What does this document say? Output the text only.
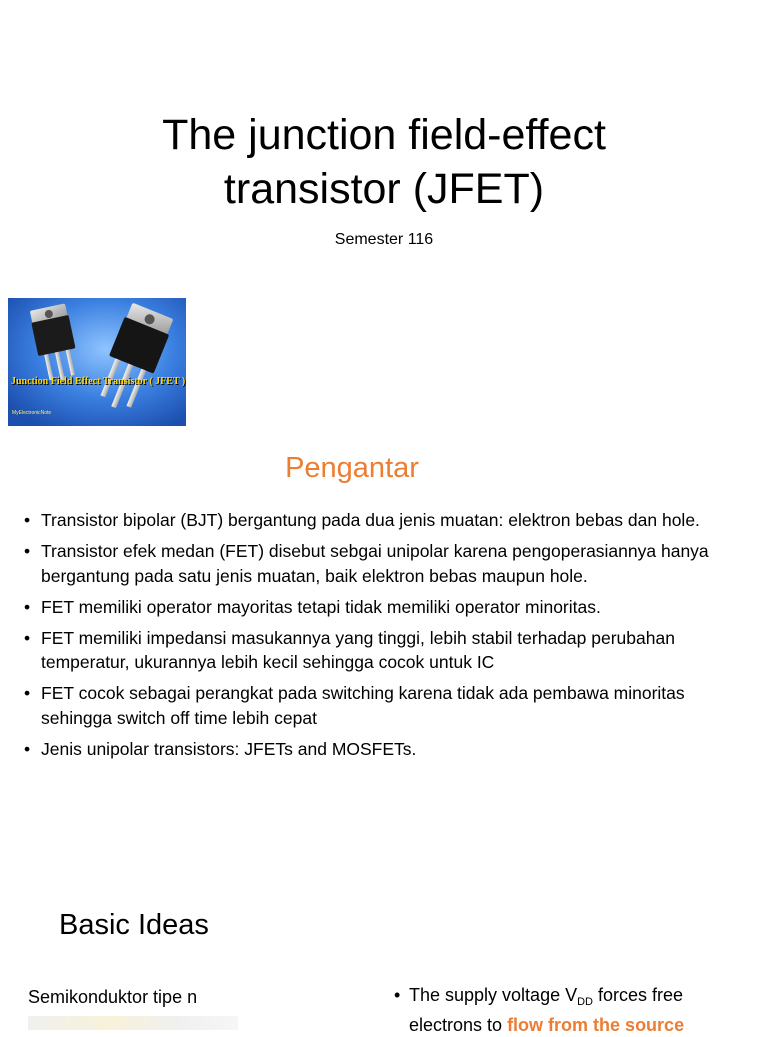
The junction field-effect
transistor (JFET)
Semester 116
Junction Field Effect Transistor ( JFET )
MyElectronicNote
Pengantar
• Transistor bipolar (BJT) bergantung pada dua jenis muatan: elektron bebas dan hole.
• Transistor efek medan (FET) disebut sebgai unipolar karena pengoperasiannya hanya bergantung pada satu jenis muatan, baik elektron bebas maupun hole.
• FET memiliki operator mayoritas tetapi tidak memiliki operator minoritas.
• FET memiliki impedansi masukannya yang tinggi, lebih stabil terhadap perubahan temperatur, ukurannya lebih kecil sehingga cocok untuk IC
• FET cocok sebagai perangkat pada switching karena tidak ada pembawa minoritas sehingga switch off time lebih cepat
• Jenis unipolar transistors: JFETs and MOSFETs.
Basic Ideas
Semikonduktor tipe n	• The supply voltage $V_{DD}$ forces free
electrons to flow from the source
